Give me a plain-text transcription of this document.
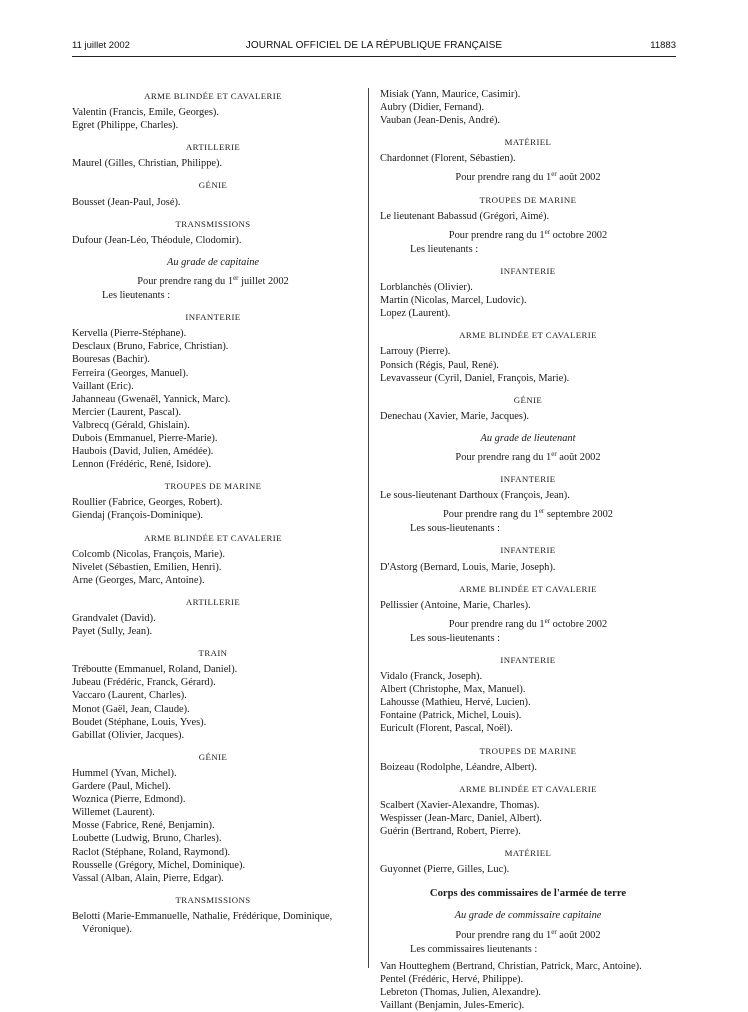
11 juillet 2002	JOURNAL OFFICIEL DE LA RÉPUBLIQUE FRANÇAISE	11883
ARME BLINDÉE ET CAVALERIE
Valentin (Francis, Emile, Georges).
Egret (Philippe, Charles).
ARTILLERIE
Maurel (Gilles, Christian, Philippe).
GÉNIE
Bousset (Jean-Paul, José).
TRANSMISSIONS
Dufour (Jean-Léo, Théodule, Clodomir).
Au grade de capitaine
Pour prendre rang du 1er juillet 2002
Les lieutenants :
INFANTERIE
Kervella (Pierre-Stéphane).
Desclaux (Bruno, Fabrice, Christian).
Bouresas (Bachir).
Ferreira (Georges, Manuel).
Vaillant (Eric).
Jahanneau (Gwenaël, Yannick, Marc).
Mercier (Laurent, Pascal).
Valbrecq (Gérald, Ghislain).
Dubois (Emmanuel, Pierre-Marie).
Haubois (David, Julien, Amédée).
Lennon (Frédéric, René, Isidore).
TROUPES DE MARINE
Roullier (Fabrice, Georges, Robert).
Giendaj (François-Dominique).
ARME BLINDÉE ET CAVALERIE
Colcomb (Nicolas, François, Marie).
Nivelet (Sébastien, Emilien, Henri).
Arne (Georges, Marc, Antoine).
ARTILLERIE
Grandvalet (David).
Payet (Sully, Jean).
TRAIN
Tréboutte (Emmanuel, Roland, Daniel).
Jubeau (Frédéric, Franck, Gérard).
Vaccaro (Laurent, Charles).
Monot (Gaël, Jean, Claude).
Boudet (Stéphane, Louis, Yves).
Gabillat (Olivier, Jacques).
GÉNIE
Hummel (Yvan, Michel).
Gardere (Paul, Michel).
Woznica (Pierre, Edmond).
Willemet (Laurent).
Mosse (Fabrice, René, Benjamin).
Loubette (Ludwig, Bruno, Charles).
Raclot (Stéphane, Roland, Raymond).
Rousselle (Grégory, Michel, Dominique).
Vassal (Alban, Alain, Pierre, Edgar).
TRANSMISSIONS
Belotti (Marie-Emmanuelle, Nathalie, Frédérique, Dominique, Véronique).
Misiak (Yann, Maurice, Casimir).
Aubry (Didier, Fernand).
Vauban (Jean-Denis, André).
MATÉRIEL
Chardonnet (Florent, Sébastien).
Pour prendre rang du 1er août 2002
TROUPES DE MARINE
Le lieutenant Babassud (Grégori, Aimé).
Pour prendre rang du 1er octobre 2002
Les lieutenants :
INFANTERIE
Lorblanchès (Olivier).
Martin (Nicolas, Marcel, Ludovic).
Lopez (Laurent).
ARME BLINDÉE ET CAVALERIE
Larrouy (Pierre).
Ponsich (Régis, Paul, René).
Levavasseur (Cyril, Daniel, François, Marie).
GÉNIE
Denechau (Xavier, Marie, Jacques).
Au grade de lieutenant
Pour prendre rang du 1er août 2002
INFANTERIE
Le sous-lieutenant Darthoux (François, Jean).
Pour prendre rang du 1er septembre 2002
Les sous-lieutenants :
INFANTERIE
D'Astorg (Bernard, Louis, Marie, Joseph).
ARME BLINDÉE ET CAVALERIE
Pellissier (Antoine, Marie, Charles).
Pour prendre rang du 1er octobre 2002
Les sous-lieutenants :
INFANTERIE
Vidalo (Franck, Joseph).
Albert (Christophe, Max, Manuel).
Lahousse (Mathieu, Hervé, Lucien).
Fontaine (Patrick, Michel, Louis).
Euricult (Florent, Pascal, Noël).
TROUPES DE MARINE
Boizeau (Rodolphe, Léandre, Albert).
ARME BLINDÉE ET CAVALERIE
Scalbert (Xavier-Alexandre, Thomas).
Wespisser (Jean-Marc, Daniel, Albert).
Guérin (Bertrand, Robert, Pierre).
MATÉRIEL
Guyonnet (Pierre, Gilles, Luc).
Corps des commissaires de l'armée de terre
Au grade de commissaire capitaine
Pour prendre rang du 1er août 2002
Les commissaires lieutenants :
Van Houtteghem (Bertrand, Christian, Patrick, Marc, Antoine).
Pentel (Frédéric, Hervé, Philippe).
Lebreton (Thomas, Julien, Alexandre).
Vaillant (Benjamin, Jules-Emeric).
